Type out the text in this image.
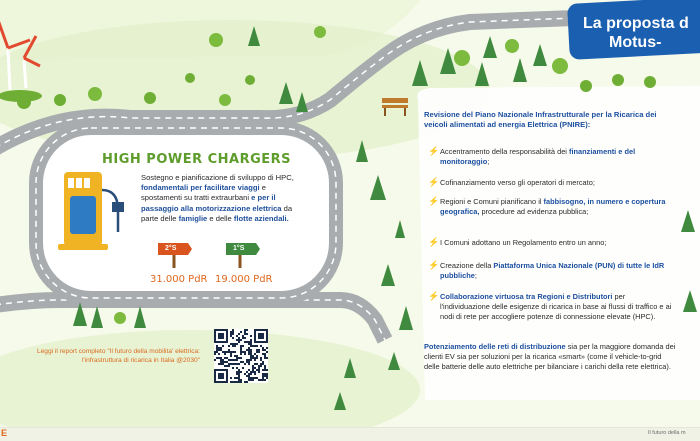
La proposta d
Motus-
HIGH POWER CHARGERS
Sostegno e pianificazione di sviluppo di HPC, fondamentali per facilitare viaggi e spostamenti su tratti extraurbani e per il passaggio alla motorizzazione elettrica da parte delle famiglie e delle flotte aziendali.
2°S	1°S
31.000 PdR 19.000 PdR
Leggi il report completo "Il futuro della mobilita' elettrica: l'infrastruttura di ricarica in Italia @2030"
Revisione del Piano Nazionale Infrastrutturale per la Ricarica dei veicoli alimentati ad energia Elettrica (PNIRE):
Accentramento della responsabilità dei finanziamenti e del monitoraggio;
Cofinanziamento verso gli operatori di mercato;
Regioni e Comuni pianificano il fabbisogno, in numero e copertura geografica, procedure ad evidenza pubblica;
I Comuni adottano un Regolamento entro un anno;
Creazione della Piattaforma Unica Nazionale (PUN) di tutte le IdR pubbliche;
Collaborazione virtuosa tra Regioni e Distributori per l'individuazione delle esigenze di ricarica in base ai flussi di traffico e ai nodi di rete per accogliere potenze di connessione elevate (HPC).
Potenziamento delle reti di distribuzione sia per la maggiore domanda dei clienti EV sia per soluzioni per la ricarica «smart» (come il vehicle-to-grid delle batterie delle auto elettriche per bilanciare i carichi della rete elettrica).
E	Il futuro della m
⚡
⚡
⚡
⚡
⚡
⚡
